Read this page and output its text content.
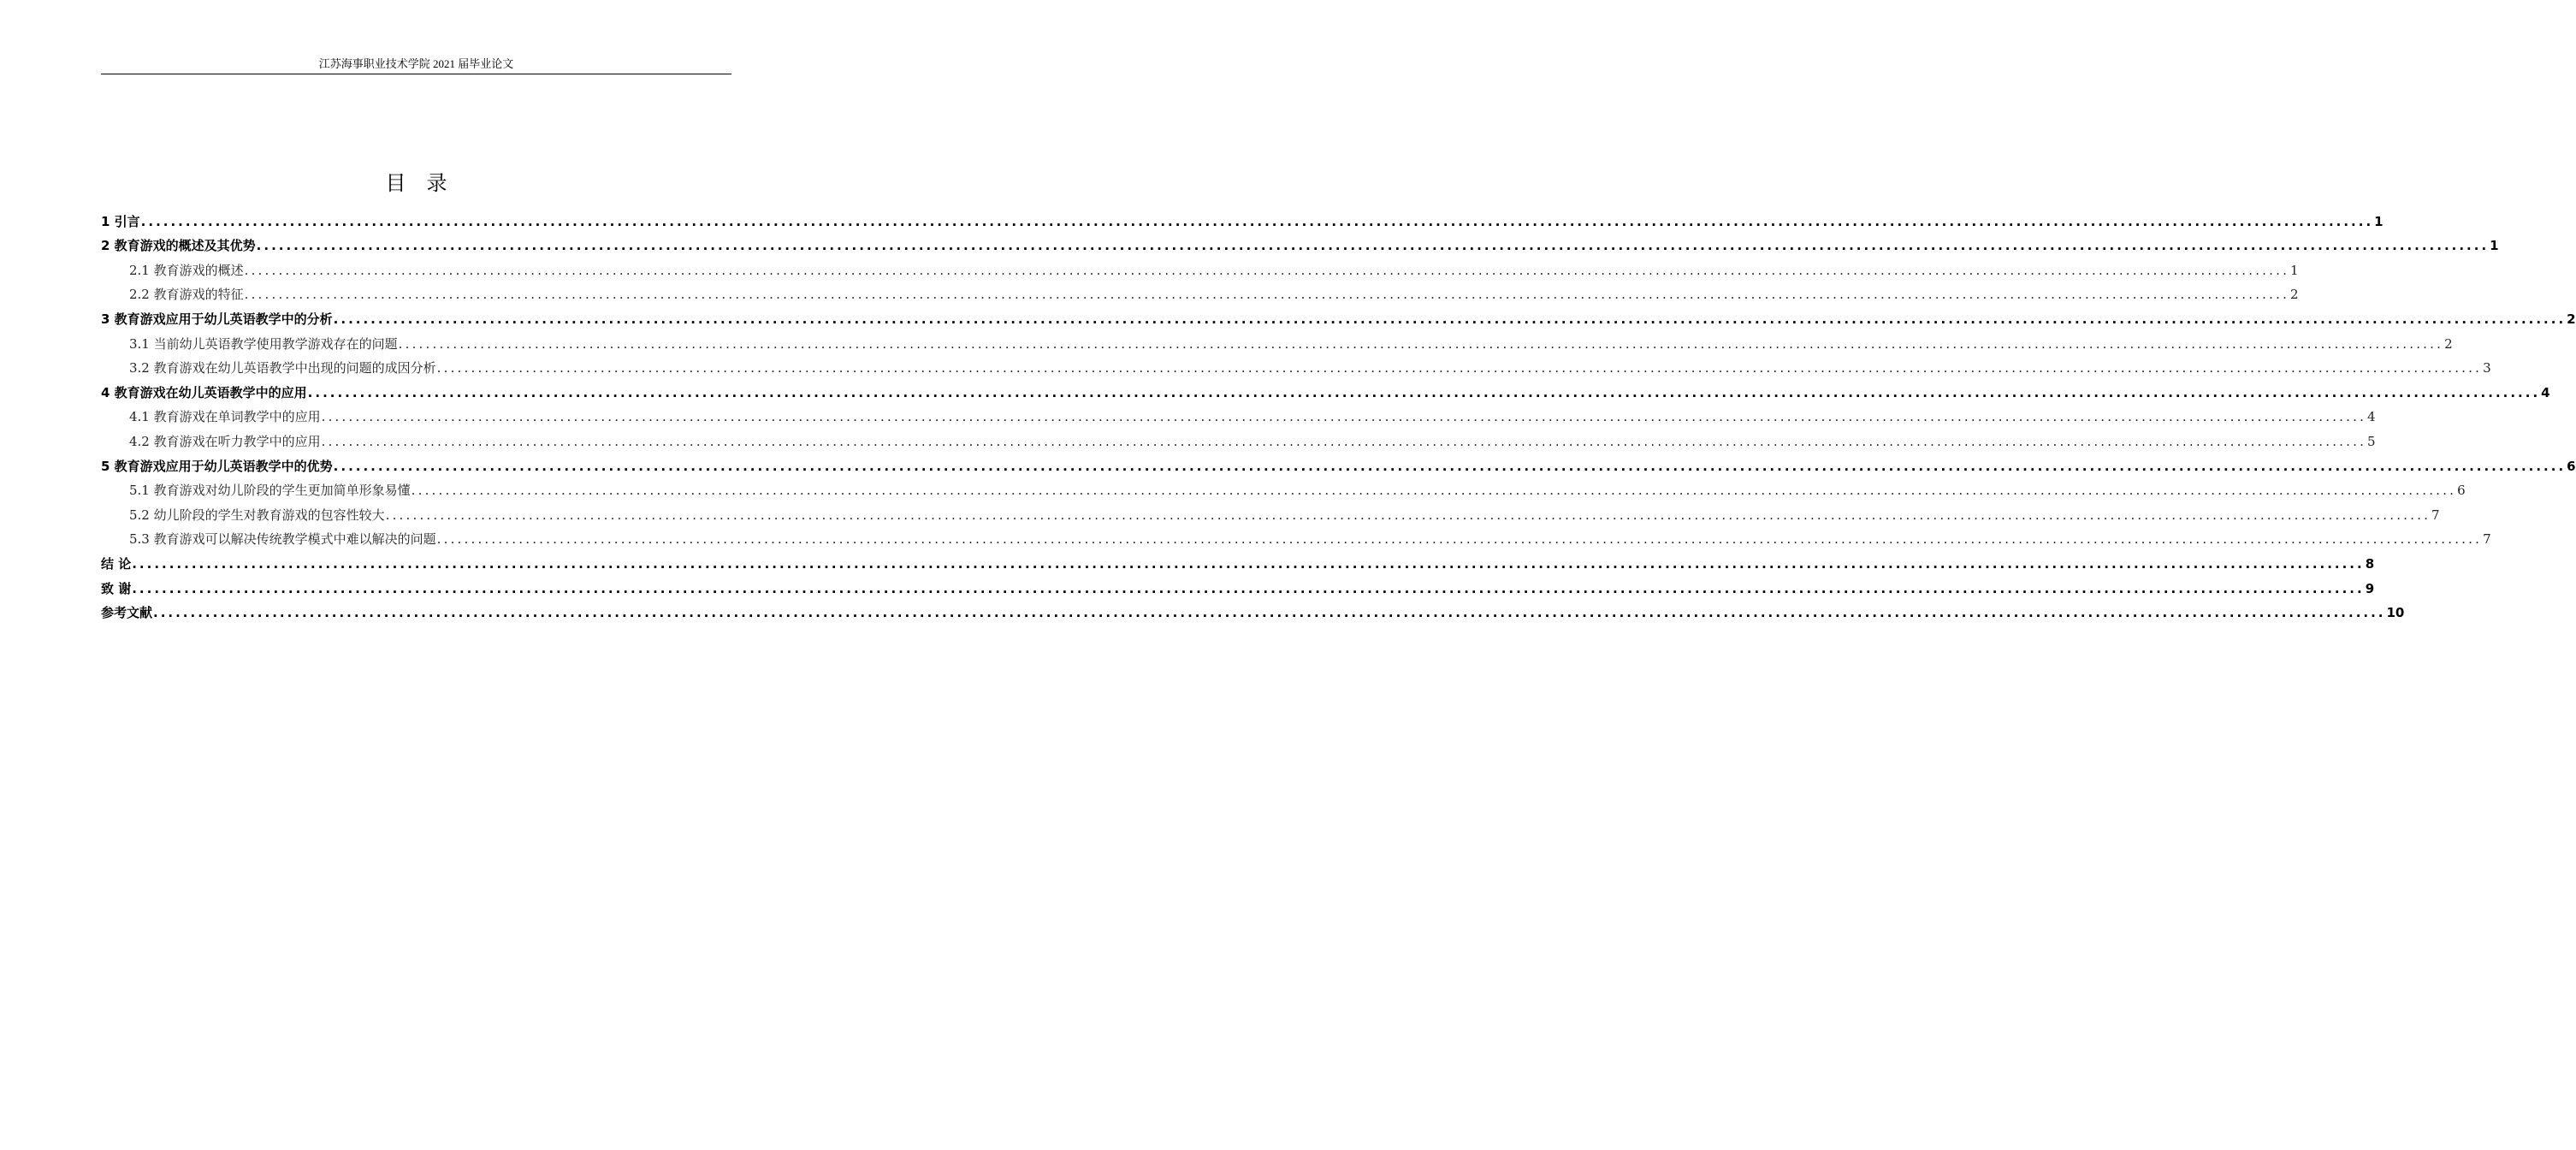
江苏海事职业技术学院 2021 届毕业论文
目录
1 引言 ............................................................................................................................................................................................................................................................................................................ 1
2 教育游戏的概述及其优势 ............................................................................................................................................................................................................................................................................................................ 1
2.1 教育游戏的概述 ............................................................................................................................................................................................................................................................................................................ 1
2.2 教育游戏的特征 ............................................................................................................................................................................................................................................................................................................ 2
3 教育游戏应用于幼儿英语教学中的分析 ............................................................................................................................................................................................................................................................................................................ 2
3.1 当前幼儿英语教学使用教学游戏存在的问题 ............................................................................................................................................................................................................................................................................................................ 2
3.2 教育游戏在幼儿英语教学中出现的问题的成因分析 ............................................................................................................................................................................................................................................................................................................ 3
4 教育游戏在幼儿英语教学中的应用 ............................................................................................................................................................................................................................................................................................................ 4
4.1 教育游戏在单词教学中的应用 ............................................................................................................................................................................................................................................................................................................ 4
4.2 教育游戏在听力教学中的应用 ............................................................................................................................................................................................................................................................................................................ 5
5 教育游戏应用于幼儿英语教学中的优势 ............................................................................................................................................................................................................................................................................................................ 6
5.1 教育游戏对幼儿阶段的学生更加简单形象易懂 ............................................................................................................................................................................................................................................................................................................ 6
5.2 幼儿阶段的学生对教育游戏的包容性较大 ............................................................................................................................................................................................................................................................................................................ 7
5.3 教育游戏可以解决传统教学模式中难以解决的问题 ............................................................................................................................................................................................................................................................................................................ 7
结 论 ............................................................................................................................................................................................................................................................................................................ 8
致 谢 ............................................................................................................................................................................................................................................................................................................ 9
参考文献 ............................................................................................................................................................................................................................................................................................................ 10
